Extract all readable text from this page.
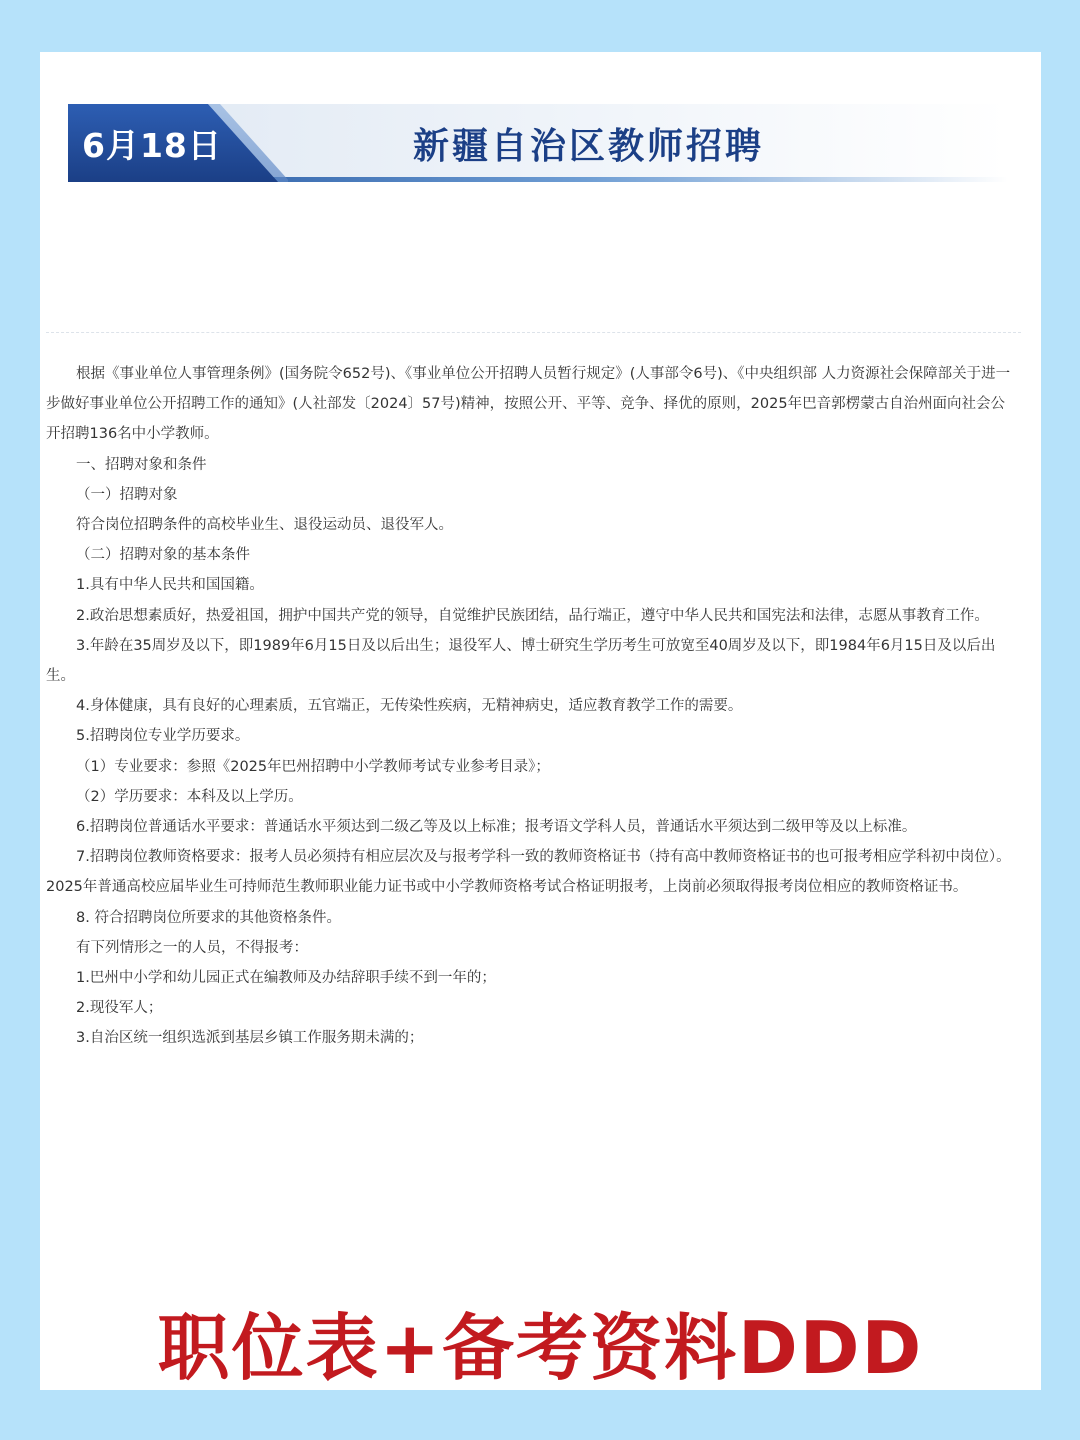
6月18日	新疆自治区教师招聘

根据《事业单位人事管理条例》(国务院令652号)、《事业单位公开招聘人员暂行规定》(人事部令6号)、《中央组织部 人力资源社会保障部关于进一步做好事业单位公开招聘工作的通知》(人社部发〔2024〕57号)精神，按照公开、平等、竞争、择优的原则，2025年巴音郭楞蒙古自治州面向社会公开招聘136名中小学教师。

一、招聘对象和条件

（一）招聘对象

符合岗位招聘条件的高校毕业生、退役运动员、退役军人。

（二）招聘对象的基本条件

1.具有中华人民共和国国籍。

2.政治思想素质好，热爱祖国，拥护中国共产党的领导，自觉维护民族团结，品行端正，遵守中华人民共和国宪法和法律，志愿从事教育工作。

3.年龄在35周岁及以下，即1989年6月15日及以后出生；退役军人、博士研究生学历考生可放宽至40周岁及以下，即1984年6月15日及以后出生。

4.身体健康，具有良好的心理素质，五官端正，无传染性疾病，无精神病史，适应教育教学工作的需要。

5.招聘岗位专业学历要求。

（1）专业要求：参照《2025年巴州招聘中小学教师考试专业参考目录》；

（2）学历要求：本科及以上学历。

6.招聘岗位普通话水平要求：普通话水平须达到二级乙等及以上标准；报考语文学科人员，普通话水平须达到二级甲等及以上标准。

7.招聘岗位教师资格要求：报考人员必须持有相应层次及与报考学科一致的教师资格证书（持有高中教师资格证书的也可报考相应学科初中岗位）。2025年普通高校应届毕业生可持师范生教师职业能力证书或中小学教师资格考试合格证明报考，上岗前必须取得报考岗位相应的教师资格证书。

8. 符合招聘岗位所要求的其他资格条件。

有下列情形之一的人员，不得报考：

1.巴州中小学和幼儿园正式在编教师及办结辞职手续不到一年的；

2.现役军人；

3.自治区统一组织选派到基层乡镇工作服务期未满的；

职位表+备考资料DDD
